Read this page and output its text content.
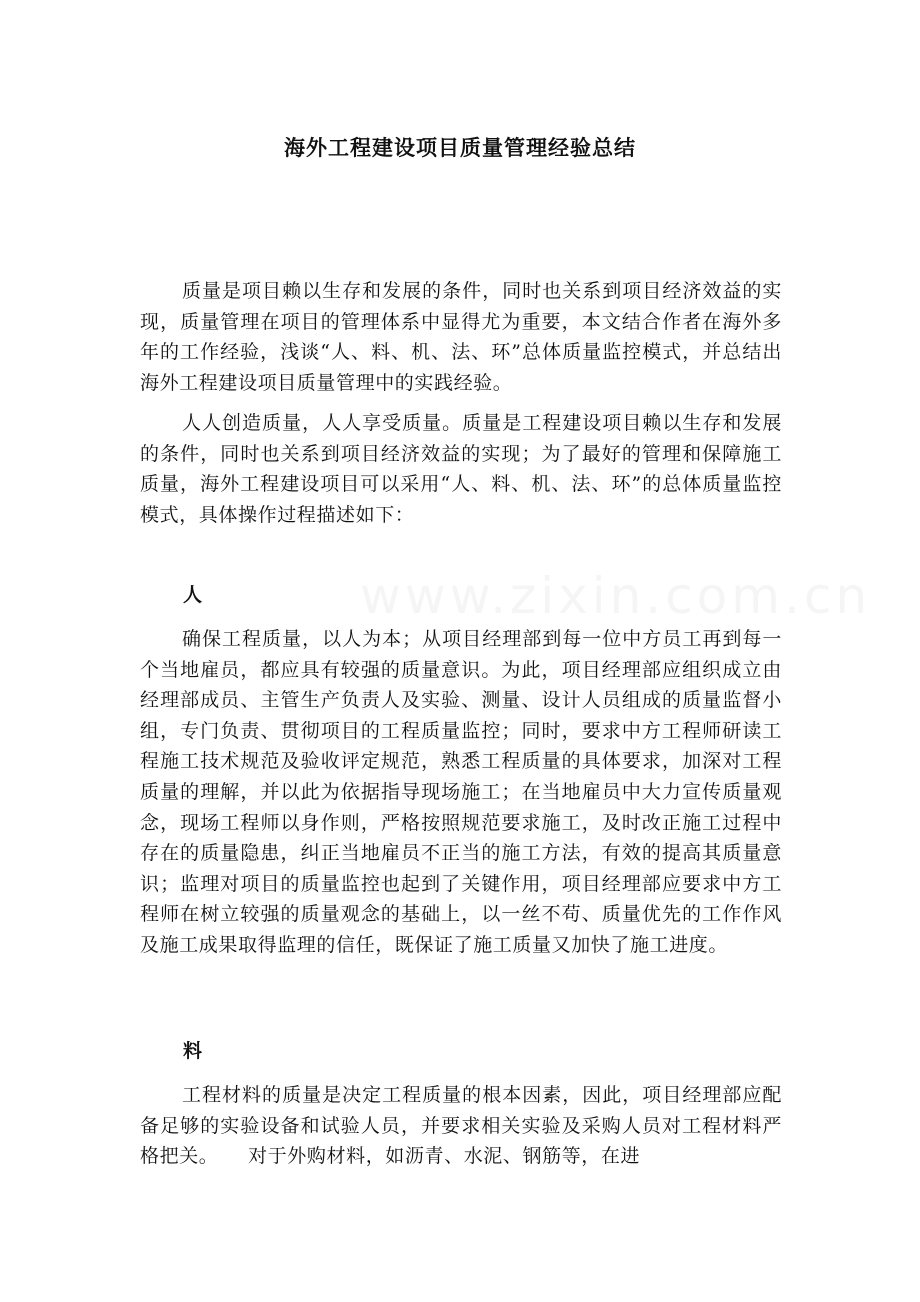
www.zixin.com.cn
海外工程建设项目质量管理经验总结
质量是项目赖以生存和发展的条件，同时也关系到项目经济效益的实现，质量管理在项目的管理体系中显得尤为重要，本文结合作者在海外多年的工作经验，浅谈“人、料、机、法、环”总体质量监控模式，并总结出海外工程建设项目质量管理中的实践经验。
人人创造质量，人人享受质量。质量是工程建设项目赖以生存和发展的条件，同时也关系到项目经济效益的实现；为了最好的管理和保障施工质量，海外工程建设项目可以采用“人、料、机、法、环”的总体质量监控模式，具体操作过程描述如下：
人
确保工程质量，以人为本；从项目经理部到每一位中方员工再到每一个当地雇员，都应具有较强的质量意识。为此，项目经理部应组织成立由经理部成员、主管生产负责人及实验、测量、设计人员组成的质量监督小组，专门负责、贯彻项目的工程质量监控；同时，要求中方工程师研读工程施工技术规范及验收评定规范，熟悉工程质量的具体要求，加深对工程质量的理解，并以此为依据指导现场施工；在当地雇员中大力宣传质量观念，现场工程师以身作则，严格按照规范要求施工，及时改正施工过程中存在的质量隐患，纠正当地雇员不正当的施工方法，有效的提高其质量意识；监理对项目的质量监控也起到了关键作用，项目经理部应要求中方工程师在树立较强的质量观念的基础上，以一丝不苟、质量优先的工作作风及施工成果取得监理的信任，既保证了施工质量又加快了施工进度。
料
工程材料的质量是决定工程质量的根本因素，因此，项目经理部应配备足够的实验设备和试验人员，并要求相关实验及采购人员对工程材料严格把关。　　对于外购材料，如沥青、水泥、钢筋等，在进
